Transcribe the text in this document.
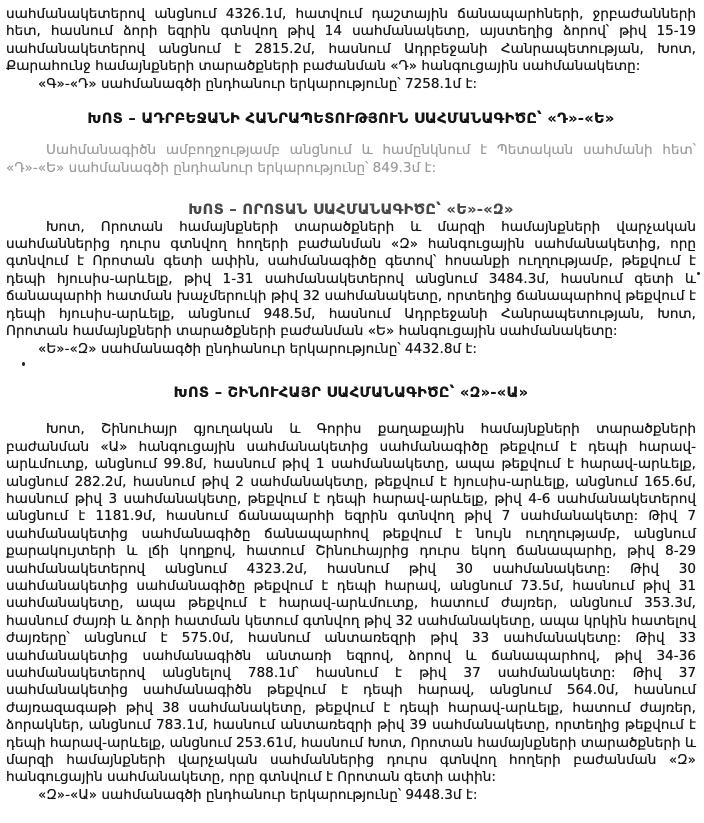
սահմանակետերով անցնում 4326.1մ, հատվում դաշտային ճանապարհների, ջրբաժանների հետ, հասնում ձորի եզրին գտնվող թիվ 14 սահմանակետը, այստեղից ձորով՝ թիվ 15-19 սահմանակետերով անցնում է 2815.2մ, հասնում Ադրբեջանի Հանրապետության, Խոտ, Քարահունջ համայնքների տարածքների բաժանման «Դ» հանգուցային սահմանակետը:

«Գ»-«Դ» սահմանագծի ընդհանուր երկարությունը՝ 7258.1մ է:

ԽՈՏ – ԱԴՐԲԵՋԱՆԻ ՀԱՆՐԱՊԵՏՈՒԹՅՈՒՆ ՍԱՀՄԱՆԱԳԻԾԸ՝ «Դ»-«Ե»

Սահմանագիծն ամբողջությամբ անցնում և համընկնում է Պետական սահմանի հետ՝ «Դ»-«Ե» սահմանագծի ընդհանուր երկարությունը՝ 849.3մ է:

ԽՈՏ – ՈՐՈՏԱՆ ՍԱՀՄԱՆԱԳԻԾԸ՝ «Ե»-«Զ»

Խոտ, Որոտան համայնքների տարածքների և մարզի համայնքների վարչական սահմաններից դուրս գտնվող հողերի բաժանման «Զ» հանգուցային սահմանակետից, որը գտնվում է Որոտան գետի ափին, սահմանագիծը գետով՝ հոսանքի ուղղությամբ, թեքվում է դեպի հյուսիս-արևելք, թիվ 1-31 սահմանակետերով անցնում 3484.3մ, հասնում գետի և ճանապարհի հատման խաչմերուկի թիվ 32 սահմանակետը, որտեղից ճանապարհով թեքվում է դեպի հյուսիս-արևելք, անցնում 948.5մ, հասնում Ադրբեջանի Հանրապետության, Խոտ, Որոտան համայնքների տարածքների բաժանման «Ե» հանգուցային սահմանակետը:

«Ե»-«Զ» սահմանագծի ընդհանուր երկարությունը՝ 4432.8մ է:

ԽՈՏ – ՇԻՆՈՒՀԱՅՐ ՍԱՀՄԱՆԱԳԻԾԸ՝ «Զ»-«Ա»

Խոտ, Շինուհայր գյուղական և Գորիս քաղաքային համայնքների տարածքների բաժանման «Ա» հանգուցային սահմանակետից սահմանագիծը թեքվում է դեպի հարավ-արևմուտք, անցնում 99.8մ, հասնում թիվ 1 սահմանակետը, ապա թեքվում է հարավ-արևելք, անցնում 282.2մ, հասնում թիվ 2 սահմանակետը, թեքվում է հյուսիս-արևելք, անցնում 165.6մ, հասնում թիվ 3 սահմանակետը, թեքվում է դեպի հարավ-արևելք, թիվ 4-6 սահմանակետերով անցնում է 1181.9մ, հասնում ճանապարհի եզրին գտնվող թիվ 7 սահմանակետը: Թիվ 7 սահմանակետից սահմանագիծը ճանապարհով թեքվում է նույն ուղղությամբ, անցնում քարակույտերի և լճի կողքով, հատում Շինուհայրից դուրս եկող ճանապարհը, թիվ 8-29 սահմանակետերով անցնում 4323.2մ, հասնում թիվ 30 սահմանակետը: Թիվ 30 սահմանակետից սահմանագիծը թեքվում է դեպի հարավ, անցնում 73.5մ, հասնում թիվ 31 սահմանակետը, ապա թեքվում է հարավ-արևմուտք, հատում ժայռեր, անցնում 353.3մ, հասնում ժայռի և ձորի հատման կետում գտնվող թիվ 32 սահմանակետը, ապա կրկին հատելով ժայռերը՝ անցնում է 575.0մ, հասնում անտառեզրի թիվ 33 սահմանակետը: Թիվ 33 սահմանակետից սահմանագիծն անտառի եզրով, ձորով և ճանապարհով, թիվ 34-36 սահմանակետերով անցնելով 788.1մ՝ հասնում է թիվ 37 սահմանակետը: Թիվ 37 սահմանակետից սահմանագիծն թեքվում է դեպի հարավ, անցնում 564.0մ, հասնում ժայռազագաթի թիվ 38 սահմանակետը, թեքվում է դեպի հարավ-արևելք, հատում ժայռեր, ձորակներ, անցնում 783.1մ, հասնում անտառեզրի թիվ 39 սահմանակետը, որտեղից թեքվում է դեպի հարավ-արևելք, անցնում 253.61մ, հասնում Խոտ, Որոտան համայնքների տարածքների և մարզի համայնքների վարչական սահմաններից դուրս գտնվող հողերի բաժանման «Զ» հանգուցային սահմանակետը, որը գտնվում է Որոտան գետի ափին:

«Զ»-«Ա» սահմանագծի ընդհանուր երկարությունը՝ 9448.3մ է:
